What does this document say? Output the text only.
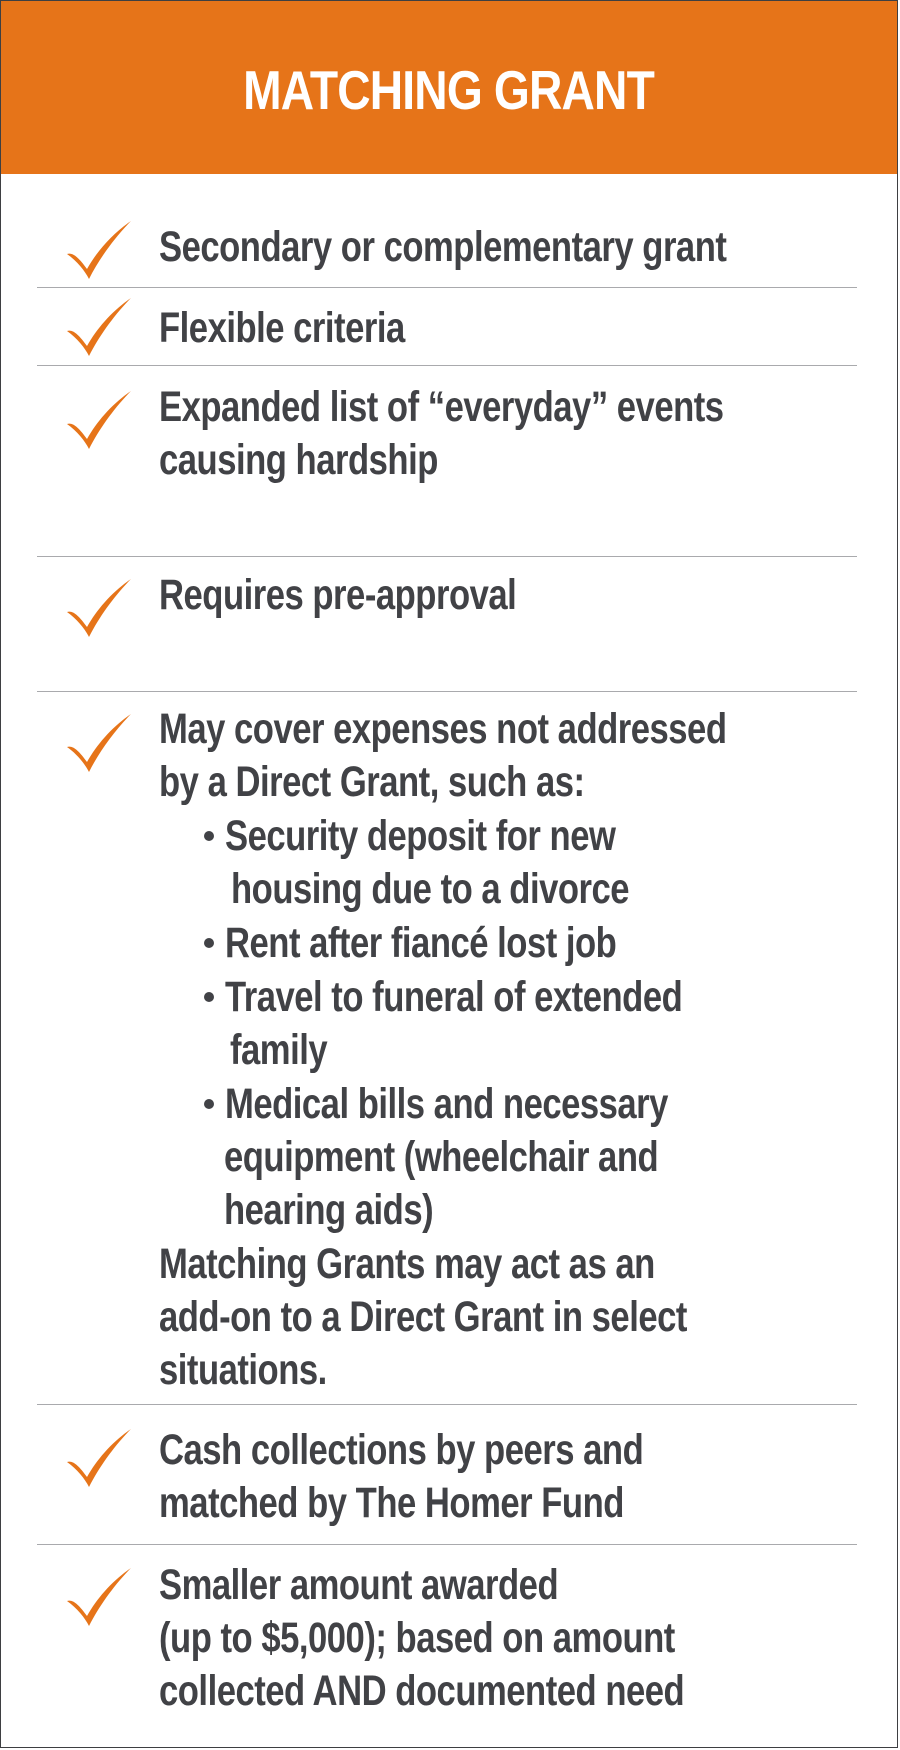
MATCHING GRANT
Secondary or complementary grant
Flexible criteria
Expanded list of “everyday” events
causing hardship
Requires pre-approval
May cover expenses not addressed
by a Direct Grant, such as:
Security deposit for new
housing due to a divorce
Rent after fiancé lost job
Travel to funeral of extended
family
Medical bills and necessary
equipment (wheelchair and
hearing aids)
Matching Grants may act as an
add-on to a Direct Grant in select
situations.
Cash collections by peers and
matched by The Homer Fund
Smaller amount awarded
(up to $5,000); based on amount
collected AND documented need
